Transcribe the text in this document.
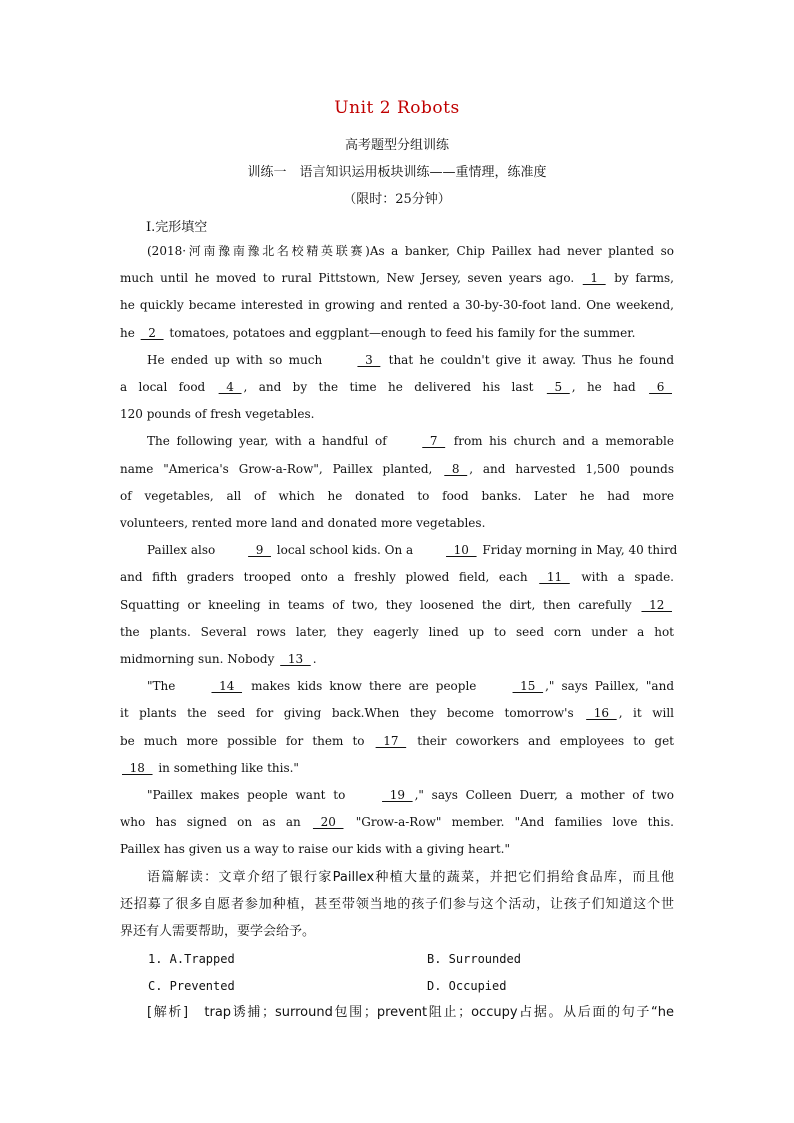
Unit 2 Robots
高考题型分组训练
训练一　语言知识运用板块训练——重情理，练准度
（限时：25分钟）
Ⅰ.完形填空

(2018·河南豫南豫北名校精英联赛)As a banker, Chip Paillex had never planted so

much until he moved to rural Pittstown, New Jersey, seven years ago.   1   by farms,

he quickly became interested in growing and rented a 30-by-30-foot land. One weekend,

he   2   tomatoes, potatoes and eggplant—enough to feed his family for the summer.

He ended up with so much   3   that he couldn't give it away. Thus he found

a local food   4  , and by the time he delivered his last   5  , he had   6

120 pounds of fresh vegetables.

The following year, with a handful of   7   from his church and a memorable

name "America's Grow-a-Row", Paillex planted,   8  , and harvested 1,500 pounds

of vegetables, all of which he donated to food banks. Later he had more

volunteers, rented more land and donated more vegetables.

Paillex also   9   local school kids. On a   10   Friday morning in May, 40 third

and fifth graders trooped onto a freshly plowed field, each   11   with a spade.

Squatting or kneeling in teams of two, they loosened the dirt, then carefully   12

the plants. Several rows later, they eagerly lined up to seed corn under a hot

midmorning sun. Nobody   13  .

"The   14   makes kids know there are people   15  ," says Paillex, "and

it plants the seed for giving back.When they become tomorrow's   16  , it will

be much more possible for them to   17   their coworkers and employees to get

18   in something like this."

"Paillex makes people want to   19  ," says Colleen Duerr, a mother of two

who has signed on as an   20   "Grow-a-Row" member. "And families love this.

Paillex has given us a way to raise our kids with a giving heart."

语篇解读：文章介绍了银行家Paillex种植大量的蔬菜，并把它们捐给食品库，而且他

还招募了很多自愿者参加种植，甚至带领当地的孩子们参与这个活动，让孩子们知道这个世

界还有人需要帮助，要学会给予。

1. A.Trapped	B. Surrounded
C. Prevented	D. Occupied

[解析]　trap诱捕；surround包围；prevent阻止；occupy占据。从后面的句子“he
